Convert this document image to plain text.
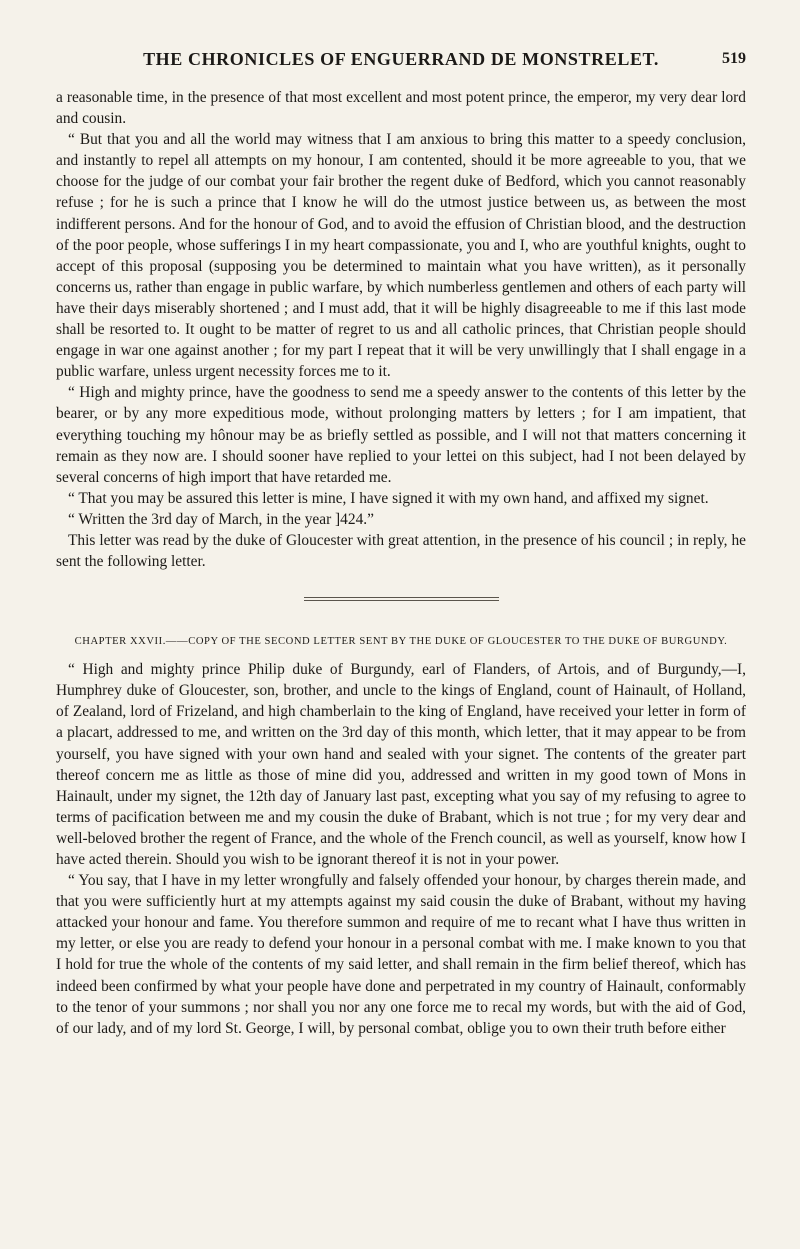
THE CHRONICLES OF ENGUERRAND DE MONSTRELET.	519

a reasonable time, in the presence of that most excellent and most potent prince, the emperor, my very dear lord and cousin.

“ But that you and all the world may witness that I am anxious to bring this matter to a speedy conclusion, and instantly to repel all attempts on my honour, I am contented, should it be more agreeable to you, that we choose for the judge of our combat your fair brother the regent duke of Bedford, which you cannot reasonably refuse ; for he is such a prince that I know he will do the utmost justice between us, as between the most indifferent persons. And for the honour of God, and to avoid the effusion of Christian blood, and the destruction of the poor people, whose sufferings I in my heart compassionate, you and I, who are youthful knights, ought to accept of this proposal (supposing you be determined to maintain what you have written), as it personally concerns us, rather than engage in public warfare, by which numberless gentlemen and others of each party will have their days miserably shortened ; and I must add, that it will be highly disagreeable to me if this last mode shall be resorted to. It ought to be matter of regret to us and all catholic princes, that Christian people should engage in war one against another ; for my part I repeat that it will be very unwillingly that I shall engage in a public warfare, unless urgent necessity forces me to it.

“ High and mighty prince, have the goodness to send me a speedy answer to the contents of this letter by the bearer, or by any more expeditious mode, without prolonging matters by letters ; for I am impatient, that everything touching my hônour may be as briefly settled as possible, and I will not that matters concerning it remain as they now are. I should sooner have replied to your lettei on this subject, had I not been delayed by several concerns of high import that have retarded me.

“ That you may be assured this letter is mine, I have signed it with my own hand, and affixed my signet.

“ Written the 3rd day of March, in the year ]424.”

This letter was read by the duke of Gloucester with great attention, in the presence of his council ; in reply, he sent the following letter.

CHAPTER XXVII.——COPY OF THE SECOND LETTER SENT BY THE DUKE OF GLOUCESTER TO THE DUKE OF BURGUNDY.

“ High and mighty prince Philip duke of Burgundy, earl of Flanders, of Artois, and of Burgundy,—I, Humphrey duke of Gloucester, son, brother, and uncle to the kings of England, count of Hainault, of Holland, of Zealand, lord of Frizeland, and high chamberlain to the king of England, have received your letter in form of a placart, addressed to me, and written on the 3rd day of this month, which letter, that it may appear to be from yourself, you have signed with your own hand and sealed with your signet. The contents of the greater part thereof concern me as little as those of mine did you, addressed and written in my good town of Mons in Hainault, under my signet, the 12th day of January last past, excepting what you say of my refusing to agree to terms of pacification between me and my cousin the duke of Brabant, which is not true ; for my very dear and well-beloved brother the regent of France, and the whole of the French council, as well as yourself, know how I have acted therein. Should you wish to be ignorant thereof it is not in your power.

“ You say, that I have in my letter wrongfully and falsely offended your honour, by charges therein made, and that you were sufficiently hurt at my attempts against my said cousin the duke of Brabant, without my having attacked your honour and fame. You therefore summon and require of me to recant what I have thus written in my letter, or else you are ready to defend your honour in a personal combat with me. I make known to you that I hold for true the whole of the contents of my said letter, and shall remain in the firm belief thereof, which has indeed been confirmed by what your people have done and perpetrated in my country of Hainault, conformably to the tenor of your summons ; nor shall you nor any one force me to recal my words, but with the aid of God, of our lady, and of my lord St. George, I will, by personal combat, oblige you to own their truth before either
